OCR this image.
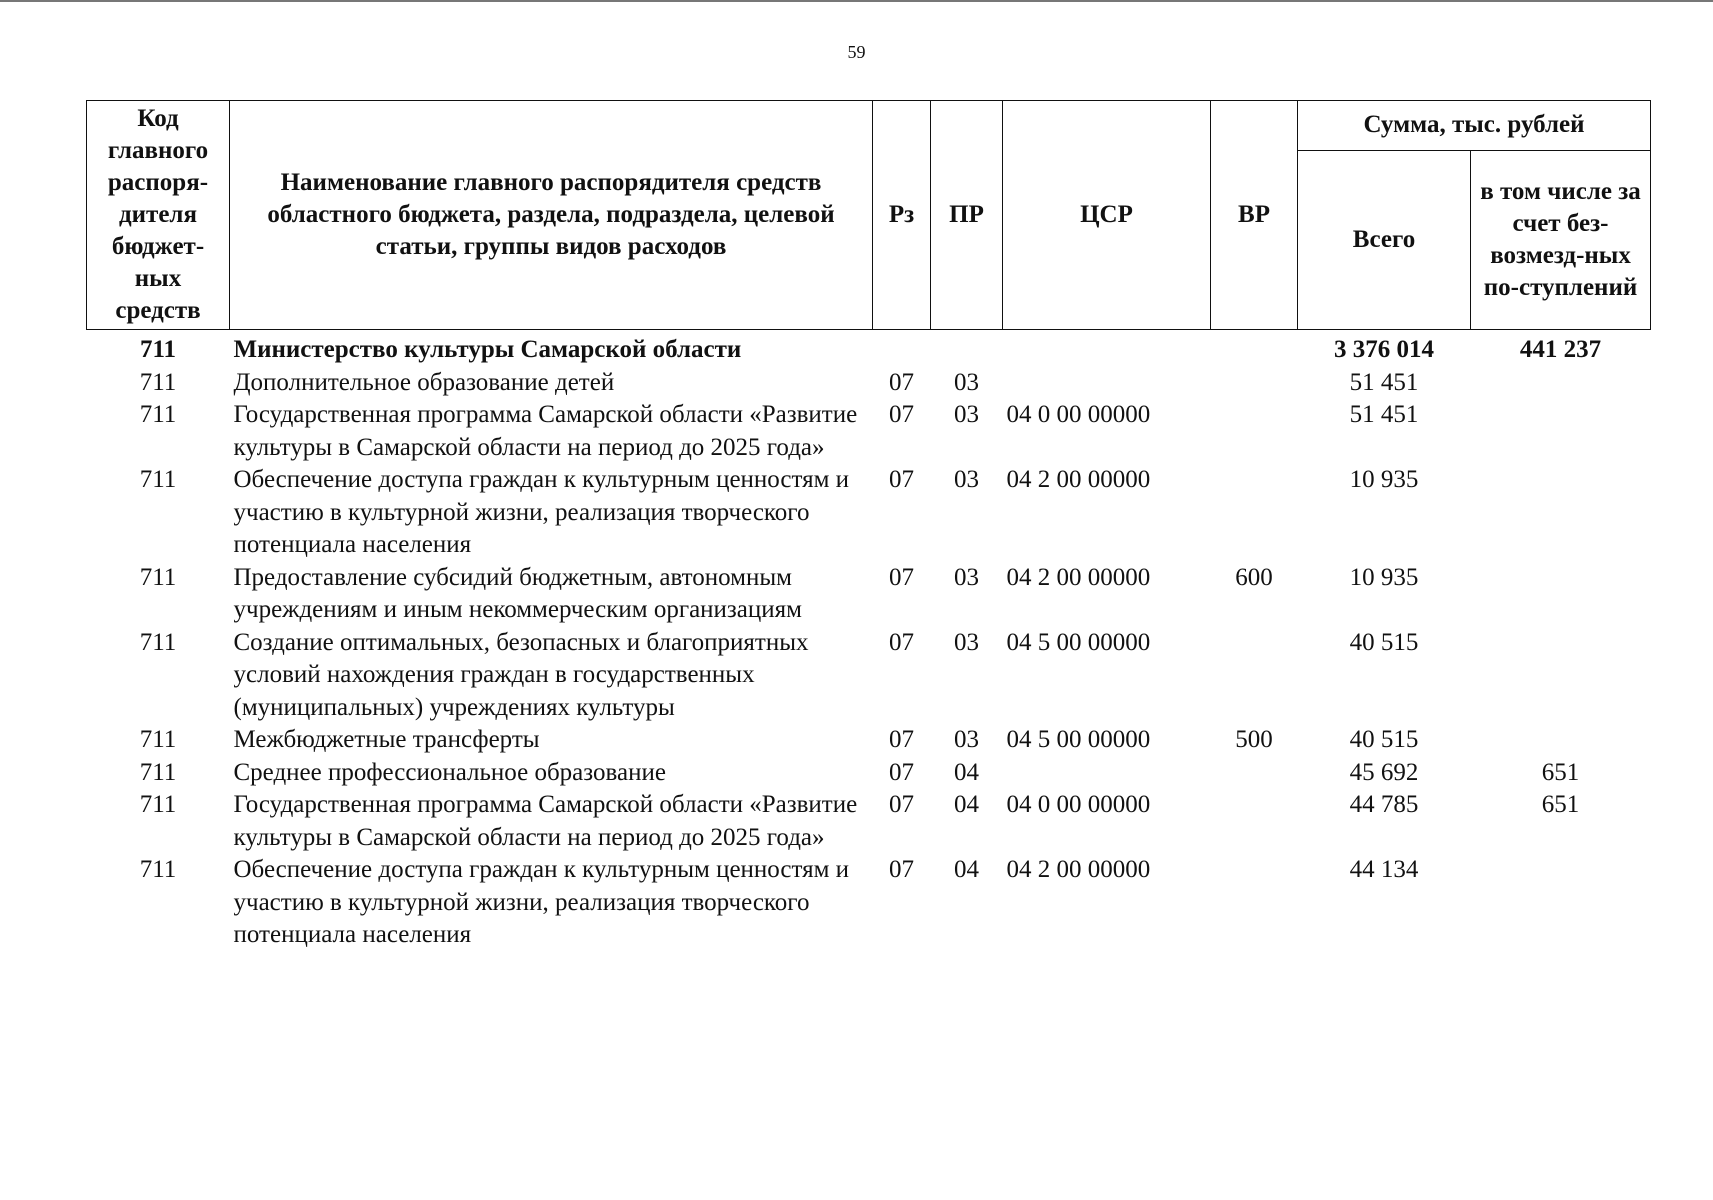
59
Код главного распоря-дителя бюджет-ных средств	Наименование главного распорядителя средств областного бюджета, раздела, подраздела, целевой статьи, группы видов расходов	Рз	ПР	ЦСР	ВР	Сумма, тыс. рублей	
						Всего	в том числе за счет без-возмезд-ных по-ступлений
711	Министерство культуры Самарской области					3 376 014	441 237
711	Дополнительное образование детей	07	03			51 451	
711	Государственная программа Самарской области «Развитие культуры в Самарской области на период до 2025 года»	07	03	04 0 00 00000		51 451	
711	Обеспечение доступа граждан к культурным ценностям и участию в культурной жизни, реализация творческого потенциала населения	07	03	04 2 00 00000		10 935	
711	Предоставление субсидий бюджетным, автономным учреждениям и иным некоммерческим организациям	07	03	04 2 00 00000	600	10 935	
711	Создание оптимальных, безопасных и благоприятных условий нахождения граждан в государственных (муниципальных) учреждениях культуры	07	03	04 5 00 00000		40 515	
711	Межбюджетные трансферты	07	03	04 5 00 00000	500	40 515	
711	Среднее профессиональное образование	07	04			45 692	651
711	Государственная программа Самарской области «Развитие культуры в Самарской области на период до 2025 года»	07	04	04 0 00 00000		44 785	651
711	Обеспечение доступа граждан к культурным ценностям и участию в культурной жизни, реализация творческого потенциала населения	07	04	04 2 00 00000		44 134	
